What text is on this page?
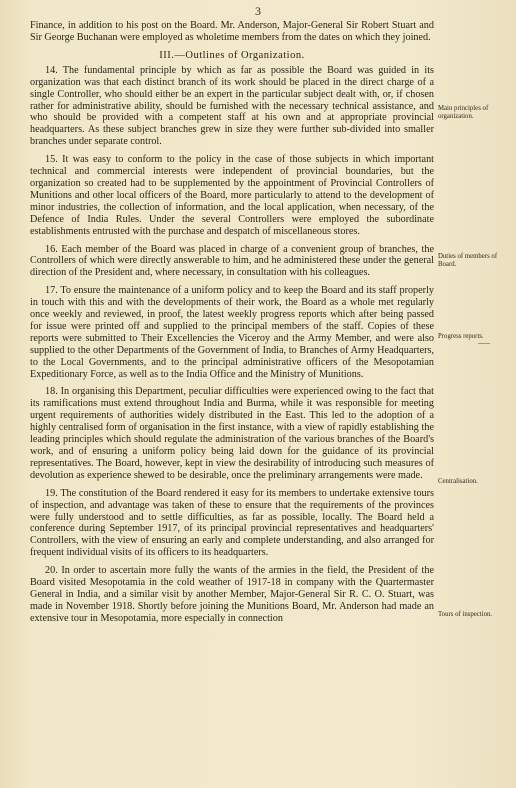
3

Finance, in addition to his post on the Board. Mr. Anderson, Major-General Sir Robert Stuart and Sir George Buchanan were employed as wholetime members from the dates on which they joined.

III.—Outlines of Organization.

14. The fundamental principle by which as far as possible the Board was guided in its organization was that each distinct branch of its work should be placed in the direct charge of a single Controller, who should either be an expert in the particular subject dealt with, or, if chosen rather for administrative ability, should be furnished with the necessary technical assistance, and who should be provided with a competent staff at his own and at appropriate provincial headquarters. As these subject branches grew in size they were further sub-divided into smaller branches under separate control.

15. It was easy to conform to the policy in the case of those subjects in which important technical and commercial interests were independent of provincial boundaries, but the organization so created had to be supplemented by the appointment of Provincial Controllers of Munitions and other local officers of the Board, more particularly to attend to the development of minor industries, the collection of information, and the local application, when necessary, of the Defence of India Rules. Under the several Controllers were employed the subordinate establishments entrusted with the purchase and despatch of miscellaneous stores.

16. Each member of the Board was placed in charge of a convenient group of branches, the Controllers of which were directly answerable to him, and he administered these under the general direction of the President and, where necessary, in consultation with his colleagues.

17. To ensure the maintenance of a uniform policy and to keep the Board and its staff properly in touch with this and with the developments of their work, the Board as a whole met regularly once weekly and reviewed, in proof, the latest weekly progress reports which after being passed for issue were printed off and supplied to the principal members of the staff. Copies of these reports were submitted to Their Excellencies the Viceroy and the Army Member, and were also supplied to the other Departments of the Government of India, to Branches of Army Headquarters, to the Local Governments, and to the principal administrative officers of the Mesopotamian Expeditionary Force, as well as to the India Office and the Ministry of Munitions.

18. In organising this Department, peculiar difficulties were experienced owing to the fact that its ramifications must extend throughout India and Burma, while it was responsible for meeting urgent requirements of authorities widely distributed in the East. This led to the adoption of a highly centralised form of organisation in the first instance, with a view of rapidly establishing the leading principles which should regulate the administration of the various branches of the Board's work, and of ensuring a uniform policy being laid down for the guidance of its provincial representatives. The Board, however, kept in view the desirability of introducing such measures of devolution as experience shewed to be desirable, once the preliminary arrangements were made.

19. The constitution of the Board rendered it easy for its members to undertake extensive tours of inspection, and advantage was taken of these to ensure that the requirements of the provinces were fully understood and to settle difficulties, as far as possible, locally. The Board held a conference during September 1917, of its principal provincial representatives and headquarters' Controllers, with the view of ensuring an early and complete understanding, and also arranged for frequent individual visits of its officers to its headquarters.

20. In order to ascertain more fully the wants of the armies in the field, the President of the Board visited Mesopotamia in the cold weather of 1917-18 in company with the Quartermaster General in India, and a similar visit by another Member, Major-General Sir R. C. O. Stuart, was made in November 1918. Shortly before joining the Munitions Board, Mr. Anderson had made an extensive tour in Mesopotamia, more especially in connection

Main principles of organization.
Duties of members of Board.
Progress reports.
Centralisation.
Tours of inspection.
—
